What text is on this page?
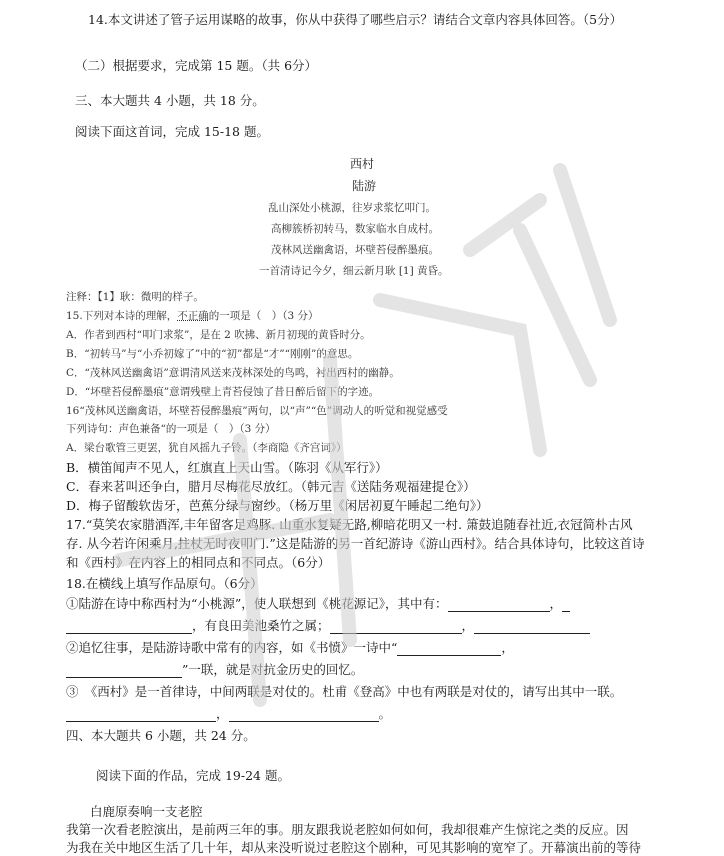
14.本文讲述了管子运用谋略的故事，你从中获得了哪些启示？请结合文章内容具体回答。（5分）
（二）根据要求，完成第 15 题。（共 6分）
三、本大题共 4 小题，共 18 分。
阅读下面这首词，完成 15-18 题。
西村
陆游
乱山深处小桃源，往岁求浆忆叩门。
高柳簇桥初转马，数家临水自成村。
茂林风送幽禽语，坏壁苔侵醉墨痕。
一首清诗记今夕，细云新月耿 [1] 黄昏。
注释：【1】耿：微明的样子。
15.下列对本诗的理解，不正确的一项是（　）（3 分）
A．作者到西村“叩门求浆”，是在 2 吹拂、新月初现的黄昏时分。
B．“初转马”与“小乔初嫁了”中的“初”都是“才”“刚刚”的意思。
C．“茂林风送幽禽语”意谓清风送来茂林深处的鸟鸣，衬出西村的幽静。
D．“坏壁苔侵醉墨痕”意谓残壁上青苔侵蚀了昔日醉后留下的字迹。
16“茂林风送幽禽语，坏壁苔侵醉墨痕”两句，以“声”“色”调动人的听觉和视觉感受
下列诗句：声色兼备“的一项是（　）（3 分）
A．梁台歌管三更罢，犹自风摇九子铃。（李商隐《齐宫词》）
B．横笛闻声不见人，红旗直上天山雪。（陈羽《从军行》）
C．春来茗叫还争白，腊月尽梅花尽放红。（韩元吉《送陆务观福建提仓》）
D．梅子留酸软齿牙，芭蕉分绿与窗纱。（杨万里《闲居初夏午睡起二绝句》）
17.“莫笑农家腊酒浑,丰年留客足鸡豚. 山重水复疑无路,柳暗花明又一村. 箫鼓追随春社近,衣冠简朴古风
存. 从今若许闲乘月,拄杖无时夜叩门.”这是陆游的另一首纪游诗《游山西村》。结合具体诗句，比较这首诗
和《西村》在内容上的相同点和不同点。（6分）
18.在横线上填写作品原句。（6分）
①陆游在诗中称西村为“小桃源”，使人联想到《桃花源记》，其中有：	，
，有良田美池桑竹之属；	，
②追忆往事，是陆游诗歌中常有的内容，如《书愤》一诗中“	，
”一联，就是对抗金历史的回忆。
③　《西村》是一首律诗，中间两联是对仗的。杜甫《登高》中也有两联是对仗的，请写出其中一联。
，	。
四、本大题共 6 小题，共 24 分。
阅读下面的作品，完成 19-24 题。
白鹿原奏响一支老腔
我第一次看老腔演出，是前两三年的事。朋友跟我说老腔如何如何，我却很难产生惊诧之类的反应。因
为我在关中地区生活了几十年，却从来没听说过老腔这个剧种，可见其影响的宽窄了。开幕演出前的等待
